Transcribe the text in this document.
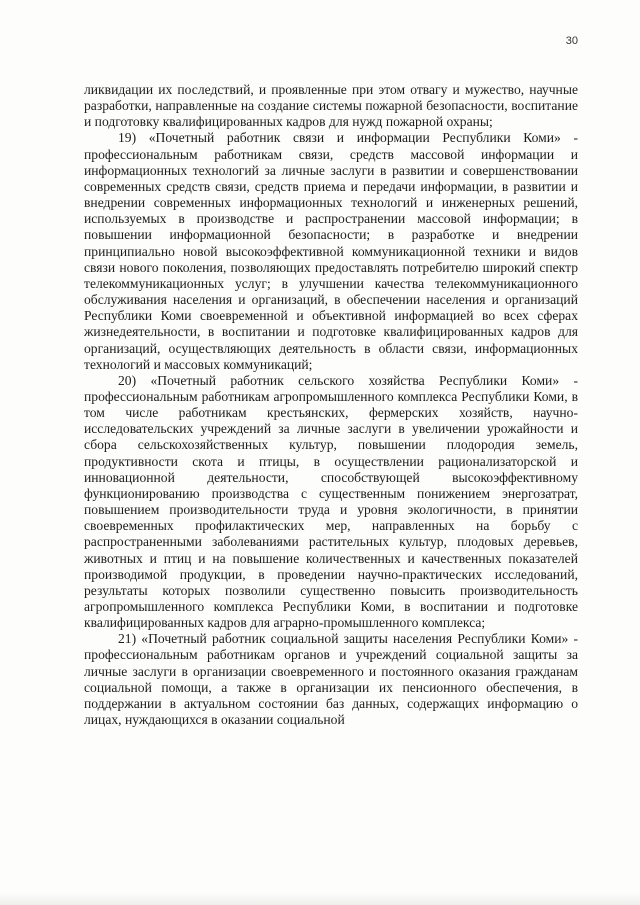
30

ликвидации их последствий, и проявленные при этом отвагу и мужество, научные разработки, направленные на создание системы пожарной безопасности, воспитание и подготовку квалифицированных кадров для нужд пожарной охраны;

19) «Почетный работник связи и информации Республики Коми» - профессиональным работникам связи, средств массовой информации и информационных технологий за личные заслуги в развитии и совершенствовании современных средств связи, средств приема и передачи информации, в развитии и внедрении современных информационных технологий и инженерных решений, используемых в производстве и распространении массовой информации; в повышении информационной безопасности; в разработке и внедрении принципиально новой высокоэффективной коммуникационной техники и видов связи нового поколения, позволяющих предоставлять потребителю широкий спектр телекоммуникационных услуг; в улучшении качества телекоммуникационного обслуживания населения и организаций, в обеспечении населения и организаций Республики Коми своевременной и объективной информацией во всех сферах жизнедеятельности, в воспитании и подготовке квалифицированных кадров для организаций, осуществляющих деятельность в области связи, информационных технологий и массовых коммуникаций;

20) «Почетный работник сельского хозяйства Республики Коми» - профессиональным работникам агропромышленного комплекса Республики Коми, в том числе работникам крестьянских, фермерских хозяйств, научно-исследовательских учреждений за личные заслуги в увеличении урожайности и сбора сельскохозяйственных культур, повышении плодородия земель, продуктивности скота и птицы, в осуществлении рационализаторской и инновационной деятельности, способствующей высокоэффективному функционированию производства с существенным понижением энергозатрат, повышением производительности труда и уровня экологичности, в принятии своевременных профилактических мер, направленных на борьбу с распространенными заболеваниями растительных культур, плодовых деревьев, животных и птиц и на повышение количественных и качественных показателей производимой продукции, в проведении научно-практических исследований, результаты которых позволили существенно повысить производительность агропромышленного комплекса Республики Коми, в воспитании и подготовке квалифицированных кадров для аграрно-промышленного комплекса;

21) «Почетный работник социальной защиты населения Республики Коми» - профессиональным работникам органов и учреждений социальной защиты за личные заслуги в организации своевременного и постоянного оказания гражданам социальной помощи, а также в организации их пенсионного обеспечения, в поддержании в актуальном состоянии баз данных, содержащих информацию о лицах, нуждающихся в оказании социальной
